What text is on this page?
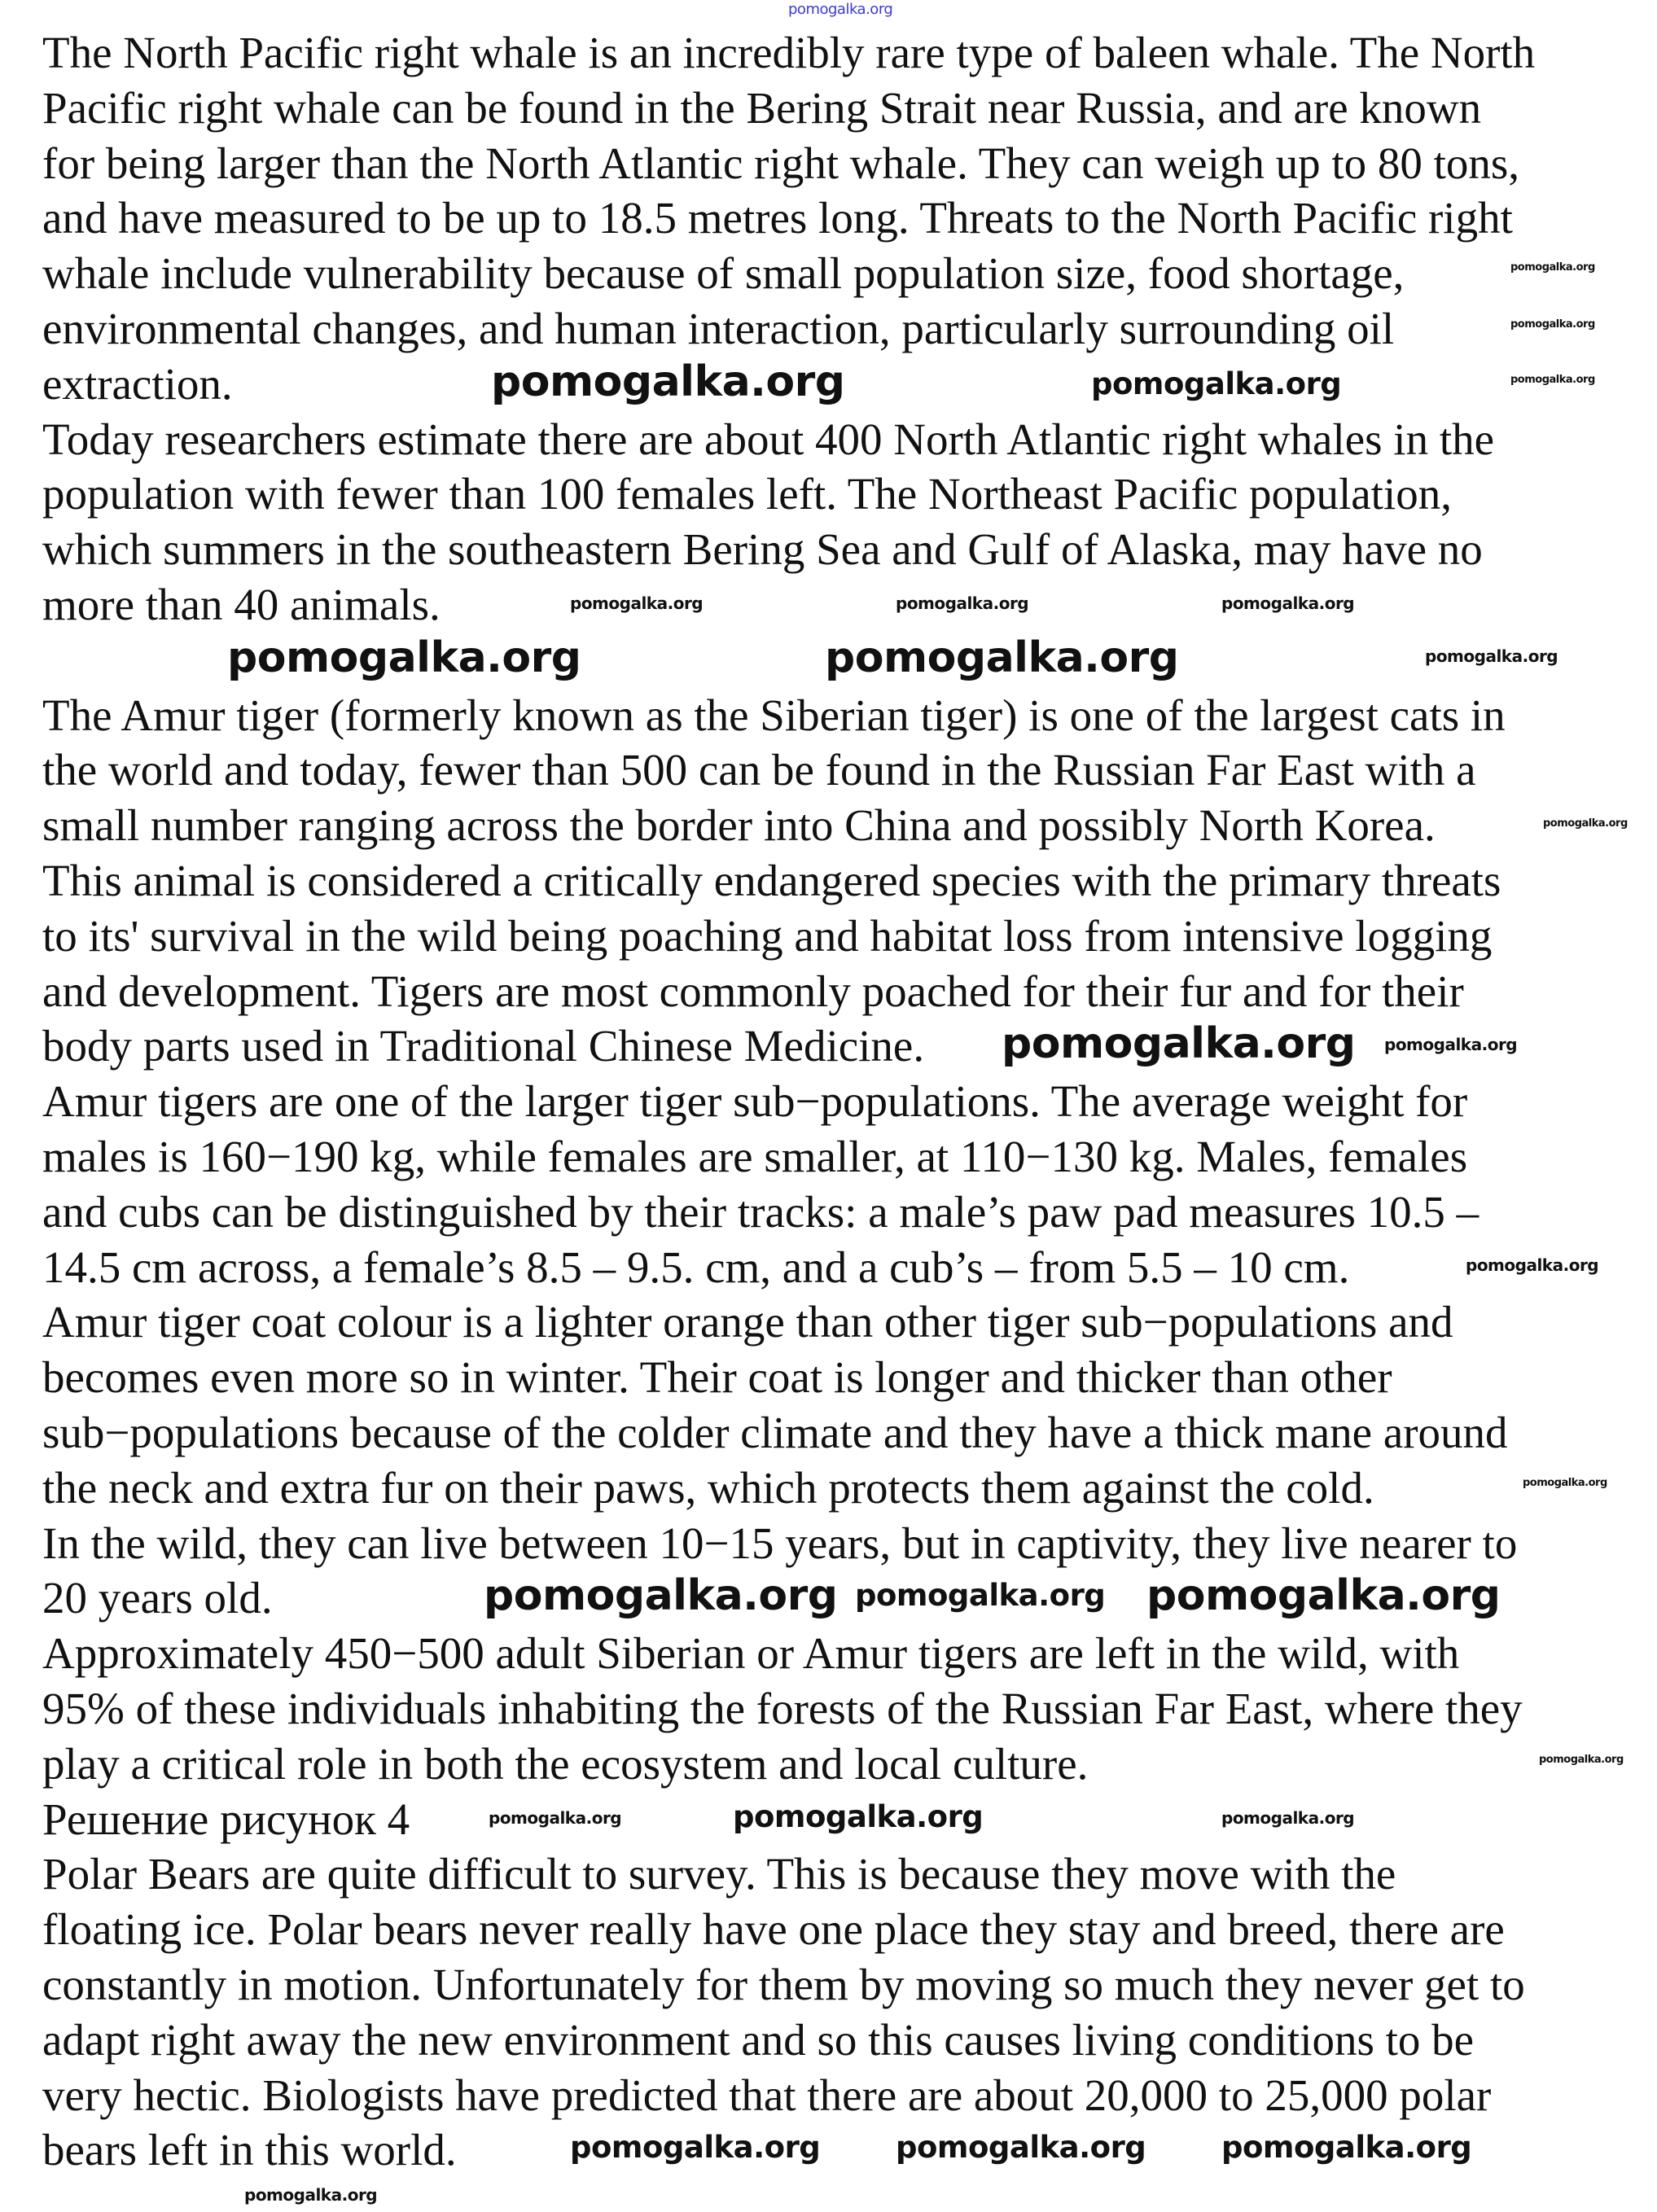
The North Pacific right whale is an incredibly rare type of baleen whale. The North
Pacific right whale can be found in the Bering Strait near Russia, and are known
for being larger than the North Atlantic right whale. They can weigh up to 80 tons,
and have measured to be up to 18.5 metres long. Threats to the North Pacific right
whale include vulnerability because of small population size, food shortage,
environmental changes, and human interaction, particularly surrounding oil
extraction.
Today researchers estimate there are about 400 North Atlantic right whales in the
population with fewer than 100 females left. The Northeast Pacific population,
which summers in the southeastern Bering Sea and Gulf of Alaska, may have no
more than 40 animals.
The Amur tiger (formerly known as the Siberian tiger) is one of the largest cats in
the world and today, fewer than 500 can be found in the Russian Far East with a
small number ranging across the border into China and possibly North Korea.
This animal is considered a critically endangered species with the primary threats
to its' survival in the wild being poaching and habitat loss from intensive logging
and development. Tigers are most commonly poached for their fur and for their
body parts used in Traditional Chinese Medicine.
Amur tigers are one of the larger tiger sub−populations. The average weight for
males is 160−190 kg, while females are smaller, at 110−130 kg. Males, females
and cubs can be distinguished by their tracks: a male’s paw pad measures 10.5 –
14.5 cm across, a female’s 8.5 – 9.5. cm, and a cub’s – from 5.5 – 10 cm.
Amur tiger coat colour is a lighter orange than other tiger sub−populations and
becomes even more so in winter. Their coat is longer and thicker than other
sub−populations because of the colder climate and they have a thick mane around
the neck and extra fur on their paws, which protects them against the cold.
In the wild, they can live between 10−15 years, but in captivity, they live nearer to
20 years old.
Approximately 450−500 adult Siberian or Amur tigers are left in the wild, with
95% of these individuals inhabiting the forests of the Russian Far East, where they
play a critical role in both the ecosystem and local culture.
Решение рисунок 4
Polar Bears are quite difficult to survey. This is because they move with the
floating ice. Polar bears never really have one place they stay and breed, there are
constantly in motion. Unfortunately for them by moving so much they never get to
adapt right away the new environment and so this causes living conditions to be
very hectic. Biologists have predicted that there are about 20,000 to 25,000 polar
bears left in this world.
pomogalka.org
pomogalka.org
pomogalka.org
pomogalka.org	pomogalka.org	pomogalka.org
pomogalka.org	pomogalka.org	pomogalka.org
pomogalka.org	pomogalka.org	pomogalka.org
pomogalka.org
pomogalka.org pomogalka.org
pomogalka.org
pomogalka.org
pomogalka.org pomogalka.org pomogalka.org
pomogalka.org
pomogalka.org	pomogalka.org	pomogalka.org
pomogalka.org	pomogalka.org	pomogalka.org
pomogalka.org
